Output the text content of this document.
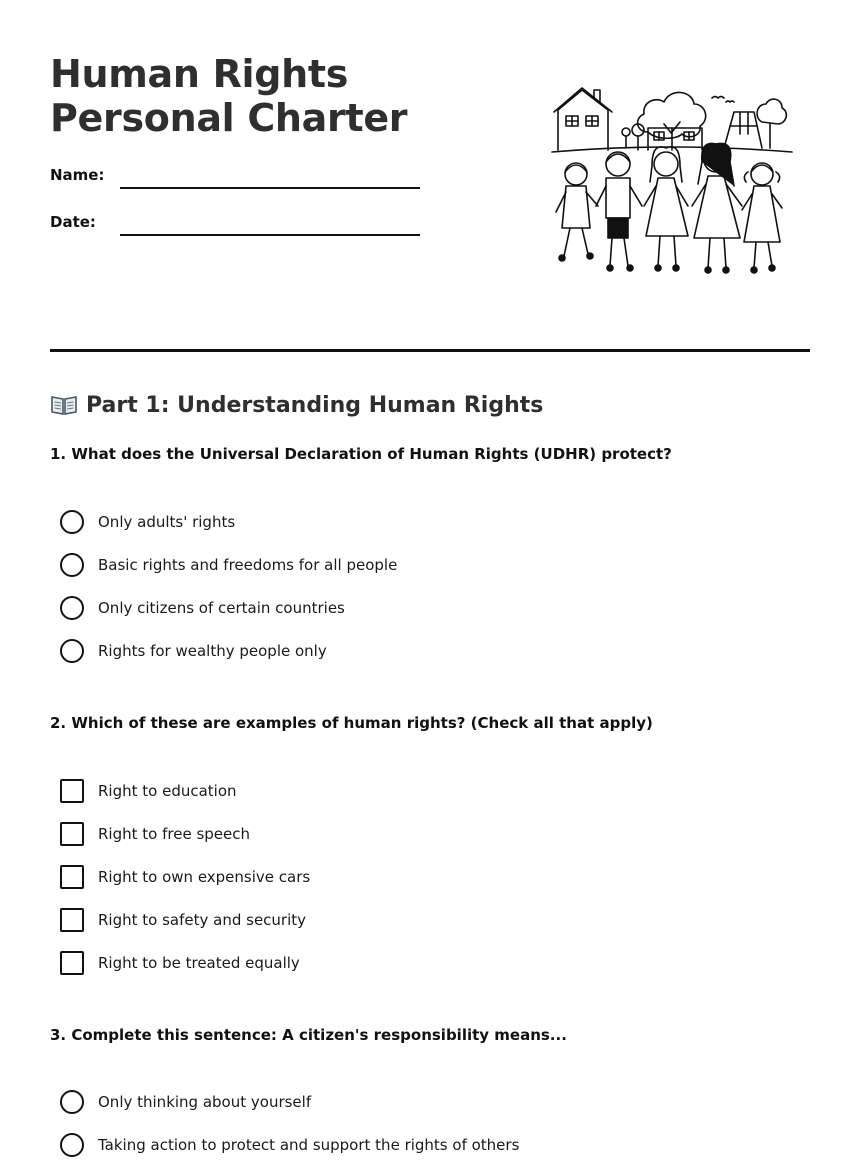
Human Rights Personal Charter
Name:
Date:
Part 1: Understanding Human Rights
1. What does the Universal Declaration of Human Rights (UDHR) protect?
Only adults' rights
Basic rights and freedoms for all people
Only citizens of certain countries
Rights for wealthy people only
2. Which of these are examples of human rights? (Check all that apply)
Right to education
Right to free speech
Right to own expensive cars
Right to safety and security
Right to be treated equally
3. Complete this sentence: A citizen's responsibility means...
Only thinking about yourself
Taking action to protect and support the rights of others
